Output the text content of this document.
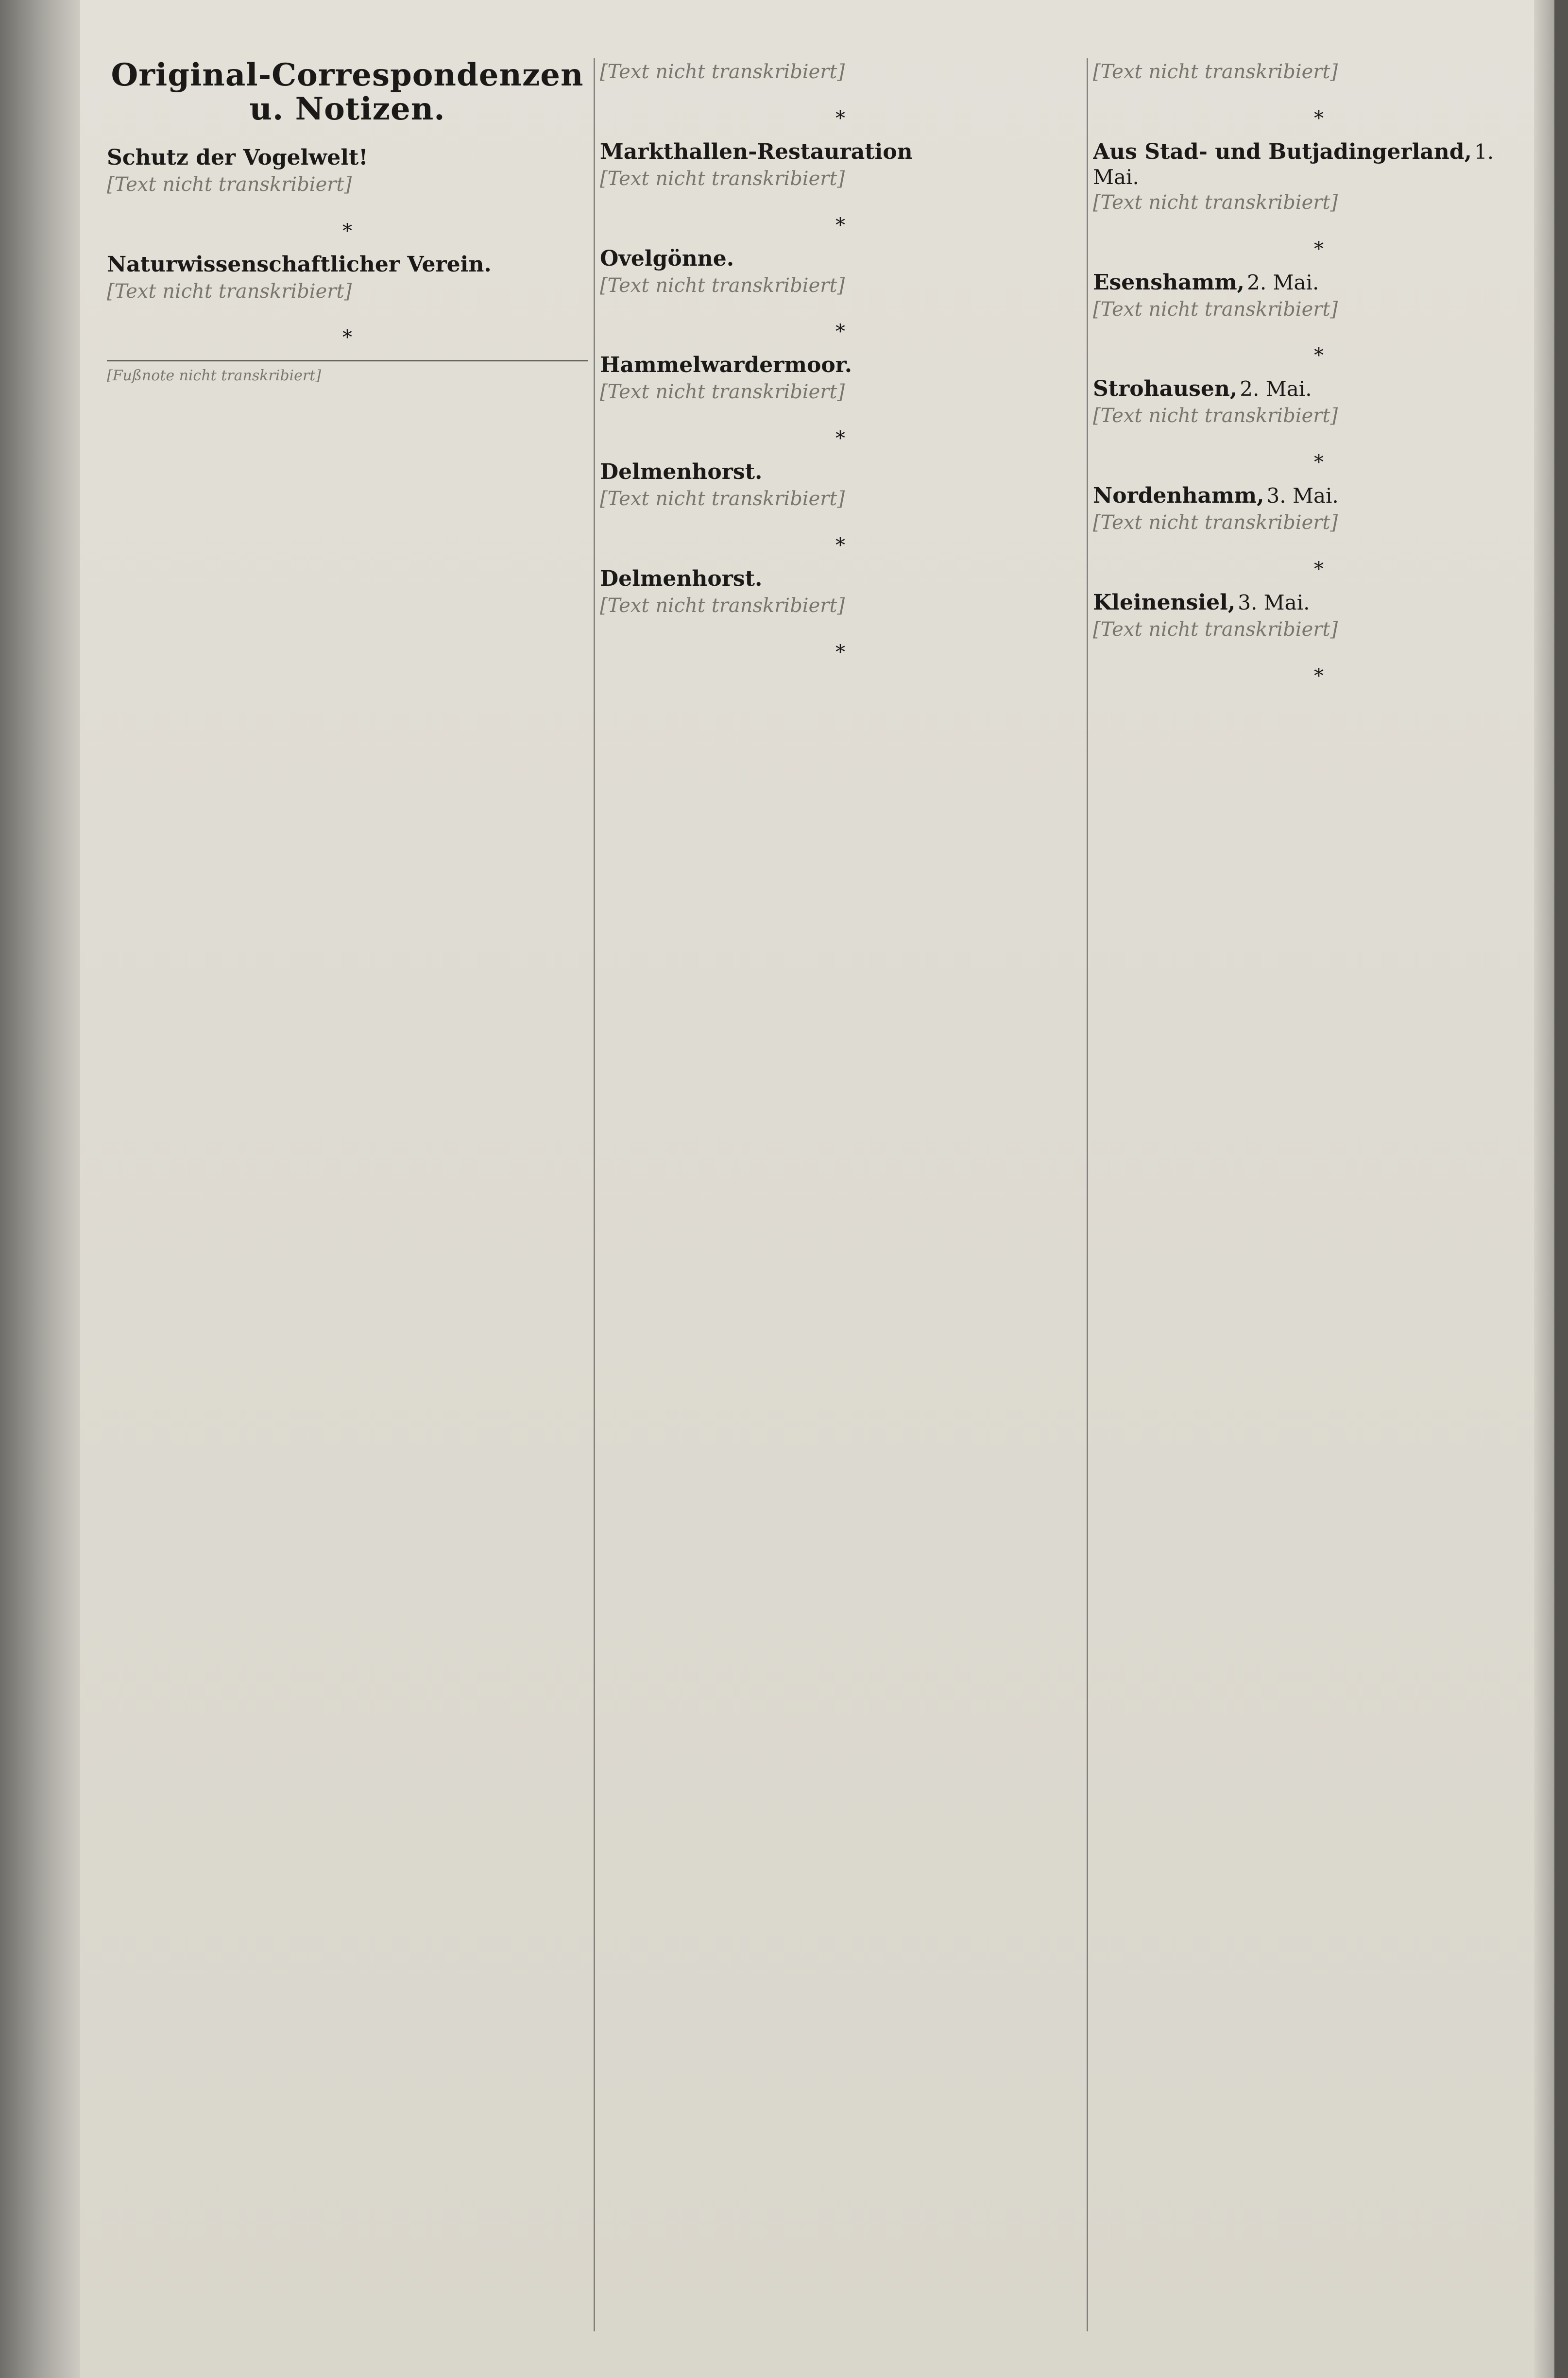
Original-Correspondenzen u. Notizen.
Schutz der Vogelwelt!
[Text nicht transkribiert]
*
Naturwissenschaftlicher Verein.
[Text nicht transkribiert]
*
[Fußnote nicht transkribiert]
[Text nicht transkribiert]
*
Markthallen-Restauration
[Text nicht transkribiert]
*
Ovelgönne.
[Text nicht transkribiert]
*
Hammelwardermoor.
[Text nicht transkribiert]
*
Delmenhorst.
[Text nicht transkribiert]
*
Delmenhorst.
[Text nicht transkribiert]
*
[Text nicht transkribiert]
*
Aus Stad- und Butjadingerland, 1. Mai.
[Text nicht transkribiert]
*
Esenshamm, 2. Mai.
[Text nicht transkribiert]
*
Strohausen, 2. Mai.
[Text nicht transkribiert]
*
Nordenhamm, 3. Mai.
[Text nicht transkribiert]
*
Kleinensiel, 3. Mai.
[Text nicht transkribiert]
*
